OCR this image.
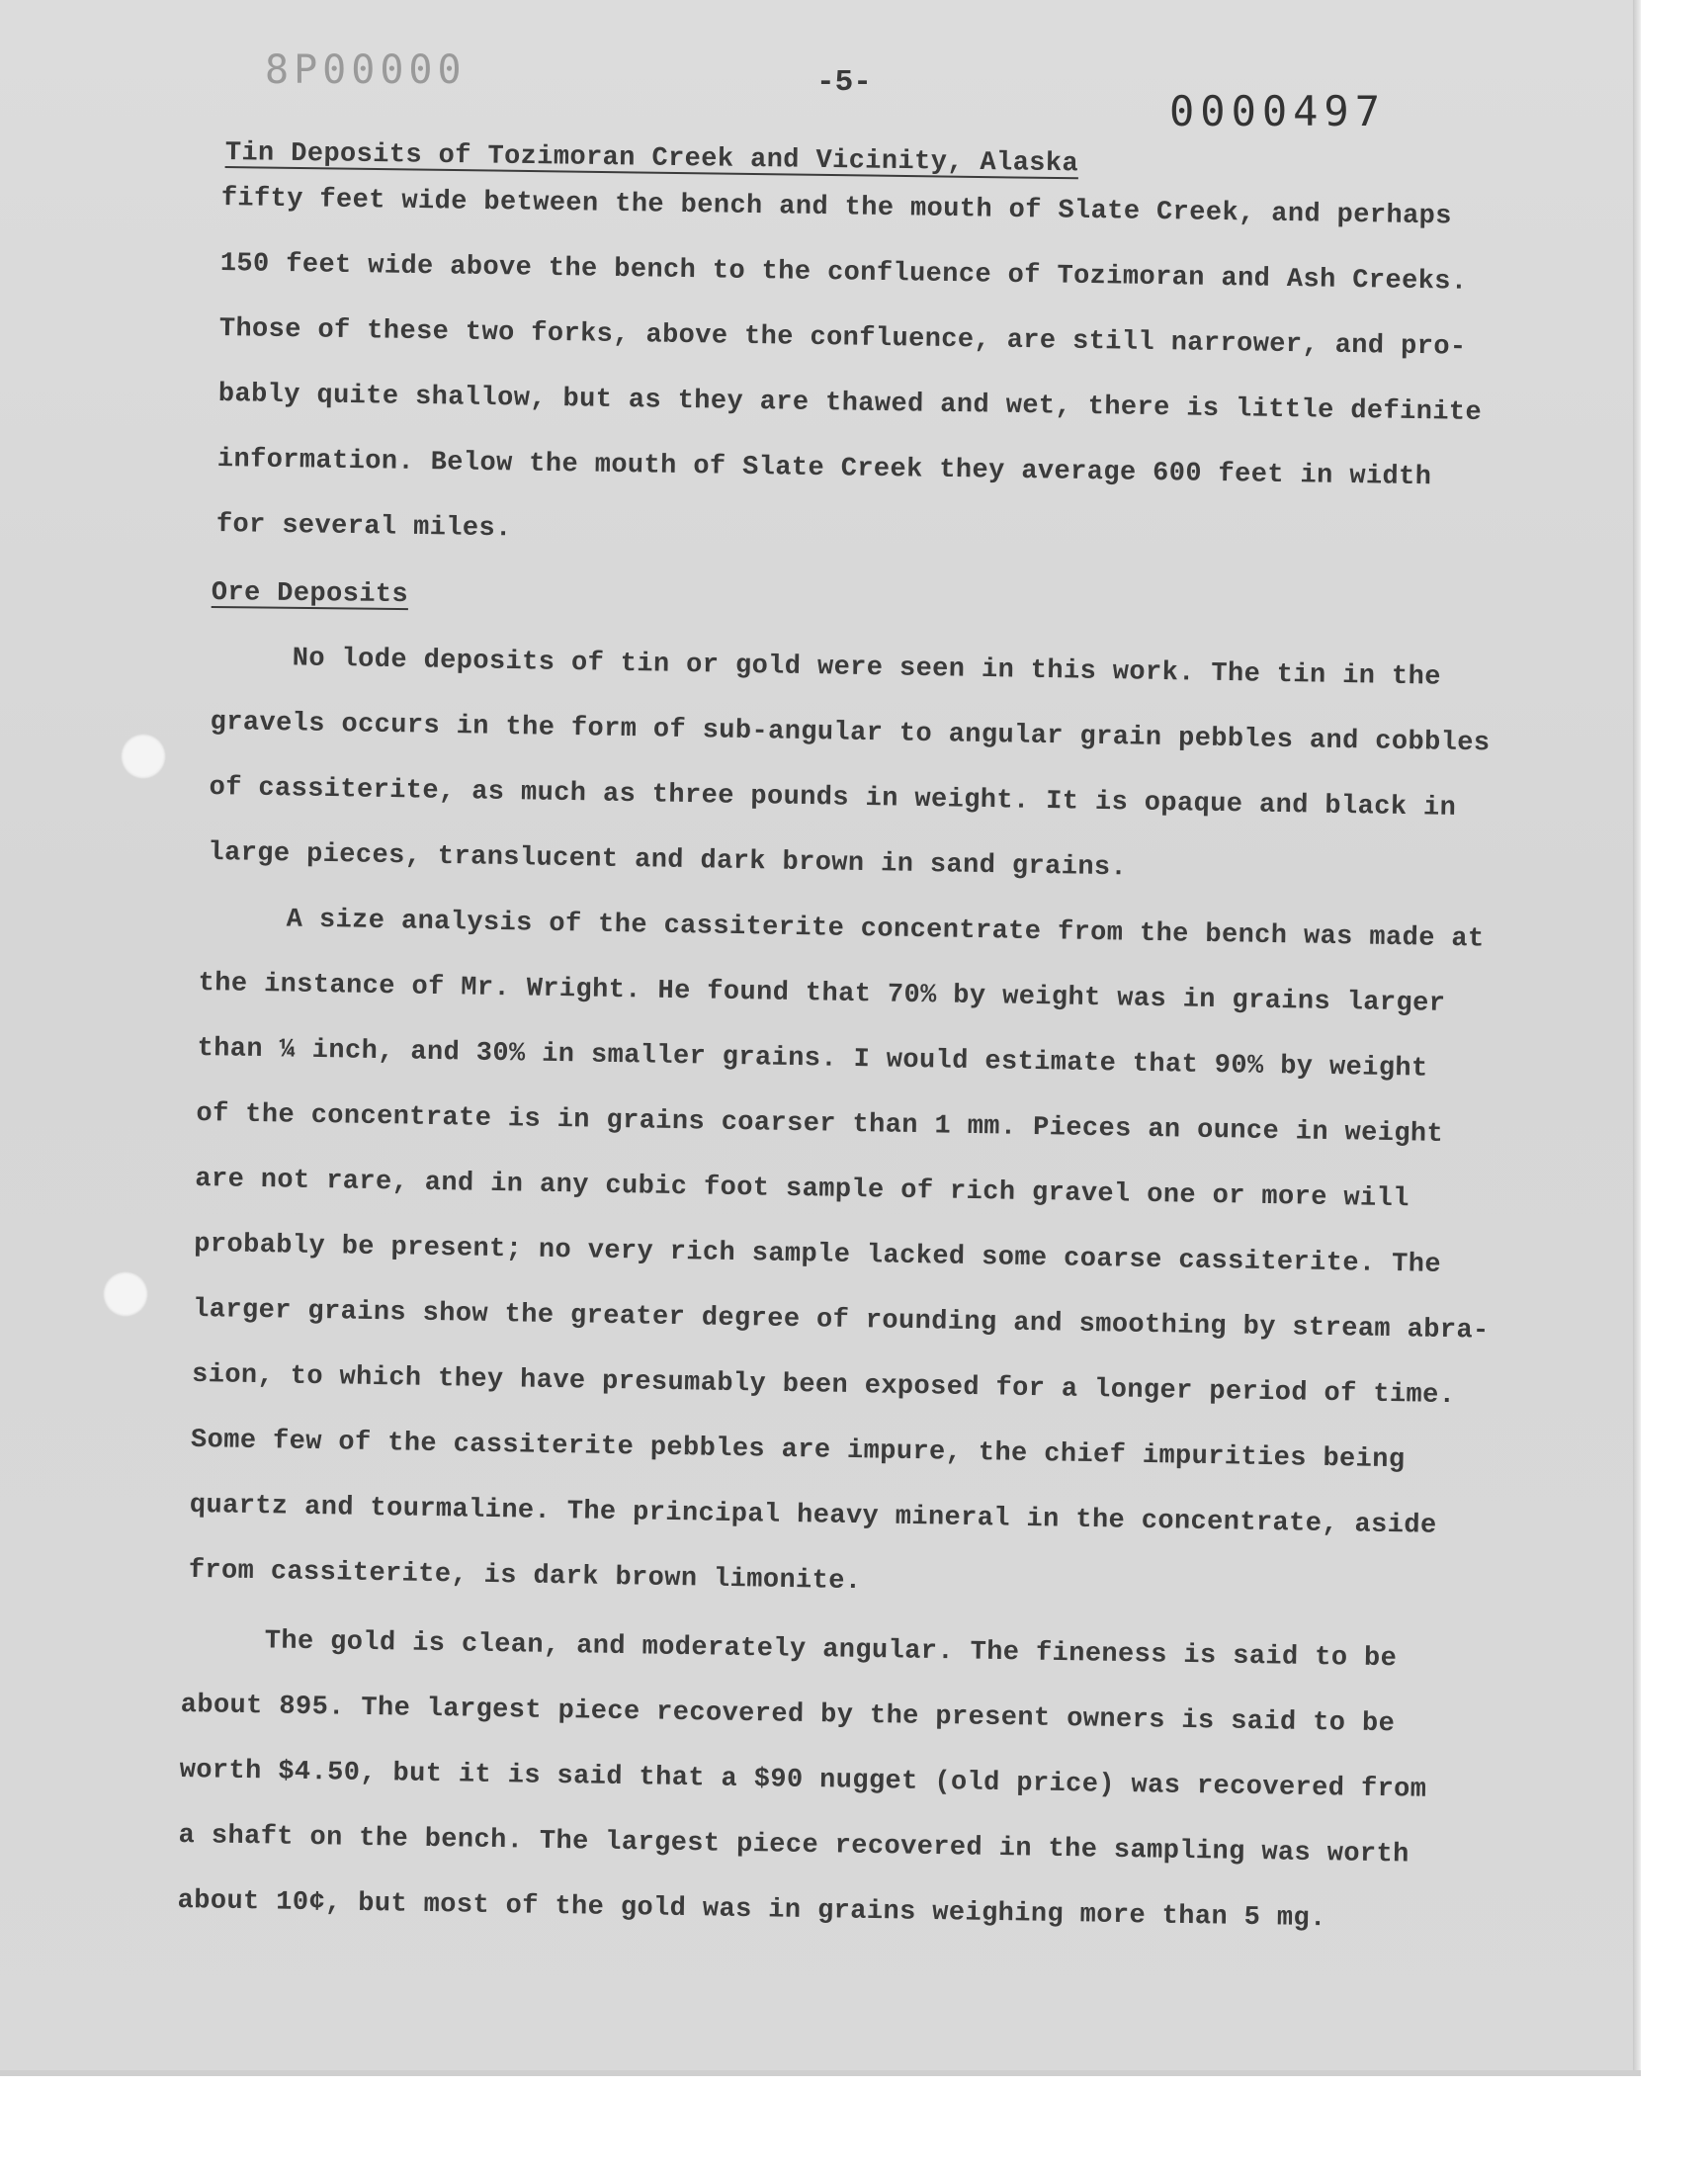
8P00000
0000497
-5-
Tin Deposits of Tozimoran Creek and Vicinity, Alaska
fifty feet wide between the bench and the mouth of Slate Creek, and perhaps
150 feet wide above the bench to the confluence of Tozimoran and Ash Creeks.
Those of these two forks, above the confluence, are still narrower, and pro-
bably quite shallow, but as they are thawed and wet, there is little definite
information. Below the mouth of Slate Creek they average 600 feet in width
for several miles.
Ore Deposits
No lode deposits of tin or gold were seen in this work. The tin in the
gravels occurs in the form of sub-angular to angular grain pebbles and cobbles
of cassiterite, as much as three pounds in weight. It is opaque and black in
large pieces, translucent and dark brown in sand grains.
A size analysis of the cassiterite concentrate from the bench was made at
the instance of Mr. Wright. He found that 70% by weight was in grains larger
than ¼ inch, and 30% in smaller grains. I would estimate that 90% by weight
of the concentrate is in grains coarser than 1 mm. Pieces an ounce in weight
are not rare, and in any cubic foot sample of rich gravel one or more will
probably be present; no very rich sample lacked some coarse cassiterite. The
larger grains show the greater degree of rounding and smoothing by stream abra-
sion, to which they have presumably been exposed for a longer period of time.
Some few of the cassiterite pebbles are impure, the chief impurities being
quartz and tourmaline. The principal heavy mineral in the concentrate, aside
from cassiterite, is dark brown limonite.
The gold is clean, and moderately angular. The fineness is said to be
about 895. The largest piece recovered by the present owners is said to be
worth $4.50, but it is said that a $90 nugget (old price) was recovered from
a shaft on the bench. The largest piece recovered in the sampling was worth
about 10¢, but most of the gold was in grains weighing more than 5 mg.
